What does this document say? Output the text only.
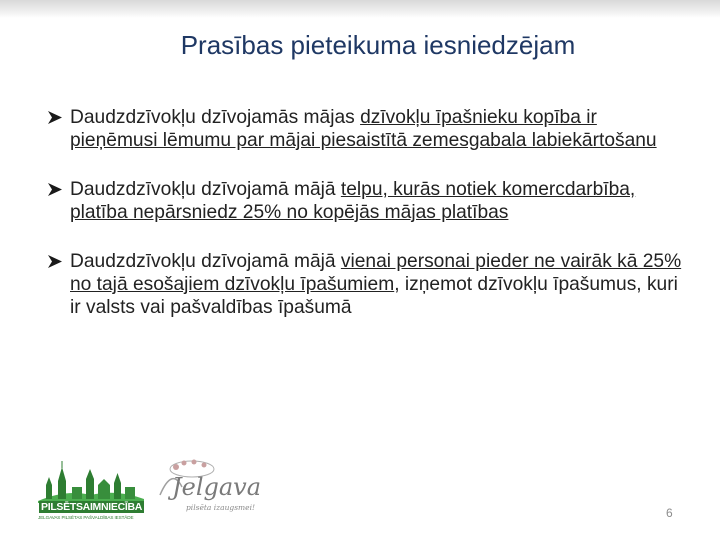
Prasības pieteikuma iesniedzējam
Daudzdzīvokļu dzīvojamās mājas dzīvokļu īpašnieku kopība ir pieņēmusi lēmumu par mājai piesaistītā zemesgabala labiekārtošanu
Daudzdzīvokļu dzīvojamā mājā telpu, kurās notiek komercdarbība, platība nepārsniedz 25% no kopējās mājas platības
Daudzdzīvokļu dzīvojamā mājā vienai personai pieder ne vairāk kā 25% no tajā esošajiem dzīvokļu īpašumiem, izņemot dzīvokļu īpašumus, kuri ir valsts vai pašvaldības īpašumā
PILSĒTSAIMNIECĪBA
JELGAVAS PILSĒTAS PAŠVALDĪBAS IESTĀDE
Jelgava
pilsēta izaugsmei!	6
